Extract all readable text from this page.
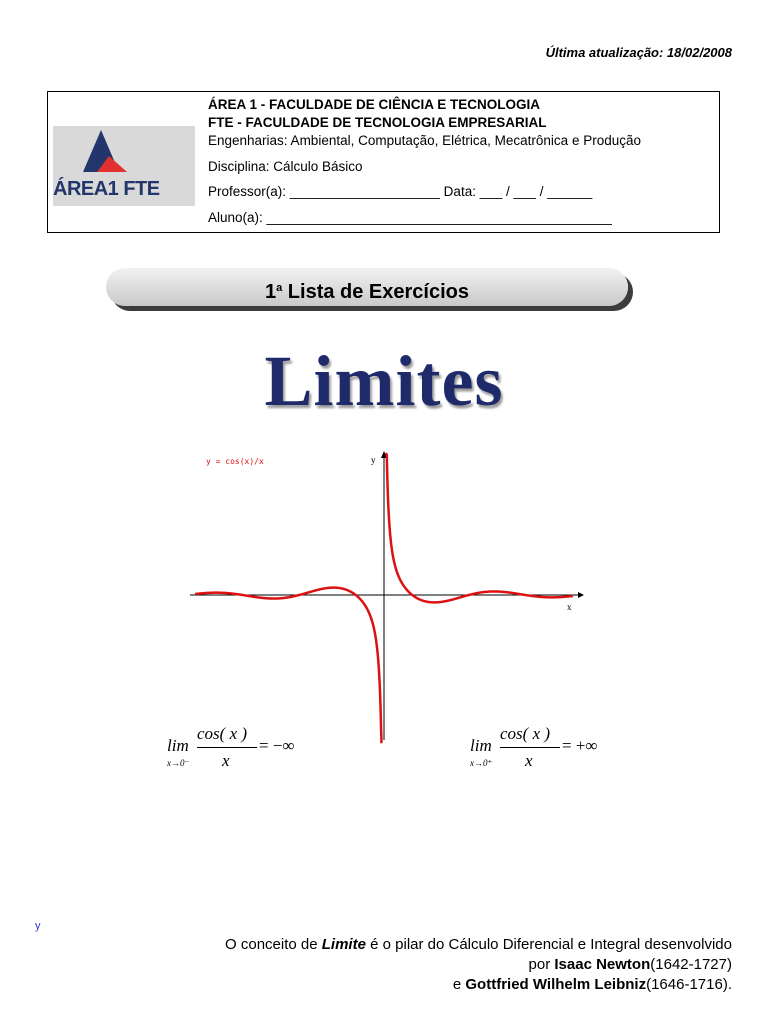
Última atualização: 18/02/2008
ÁREA1 FTE
ÁREA 1 - FACULDADE DE CIÊNCIA E TECNOLOGIA
FTE - FACULDADE DE TECNOLOGIA EMPRESARIAL
Engenharias: Ambiental, Computação, Elétrica, Mecatrônica e Produção
Disciplina: Cálculo Básico
Professor(a): ____________________ Data: ___ / ___ / ______
Aluno(a): ______________________________________________
1$^a$ Lista de Exercícios
Limites
y = cos(x)/x	y
x
lim
x→0⁻
cos( x )
x
= −∞	lim
x→0⁺
cos( x )
x
= +∞
y
O conceito de Limite é o pilar do Cálculo Diferencial e Integral desenvolvido
por Isaac Newton(1642-1727)
e Gottfried Wilhelm Leibniz(1646-1716).
